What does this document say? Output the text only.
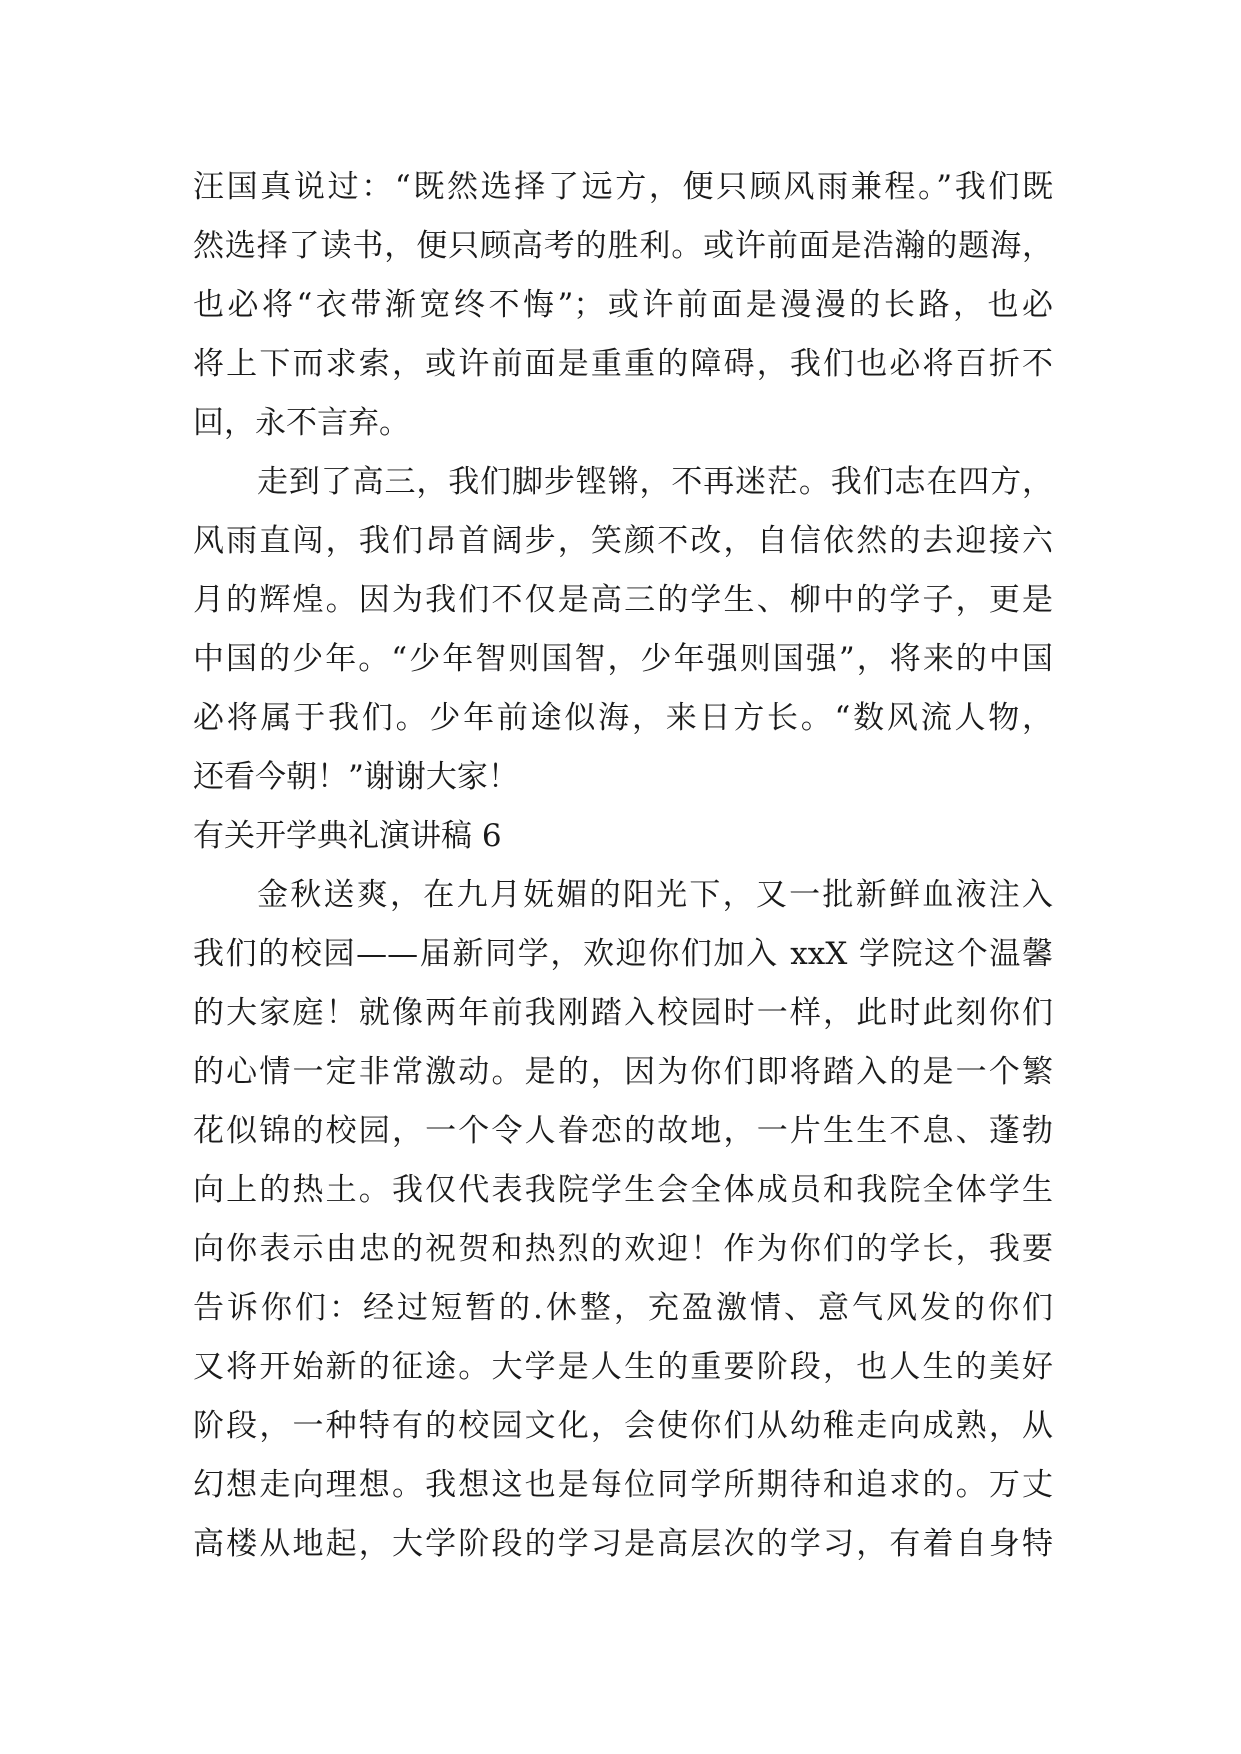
汪国真说过：“既然选择了远方，便只顾风雨兼程。”我们既
然选择了读书，便只顾高考的胜利。或许前面是浩瀚的题海，
也必将“衣带渐宽终不悔”；或许前面是漫漫的长路，也必
将上下而求索，或许前面是重重的障碍，我们也必将百折不
回，永不言弃。
走到了高三，我们脚步铿锵，不再迷茫。我们志在四方，
风雨直闯，我们昂首阔步，笑颜不改，自信依然的去迎接六
月的辉煌。因为我们不仅是高三的学生、柳中的学子，更是
中国的少年。“少年智则国智，少年强则国强”，将来的中国
必将属于我们。少年前途似海，来日方长。“数风流人物，
还看今朝！”谢谢大家！
有关开学典礼演讲稿 6
金秋送爽，在九月妩媚的阳光下，又一批新鲜血液注入
我们的校园——届新同学，欢迎你们加入 xxX 学院这个温馨
的大家庭！就像两年前我刚踏入校园时一样，此时此刻你们
的心情一定非常激动。是的，因为你们即将踏入的是一个繁
花似锦的校园，一个令人眷恋的故地，一片生生不息、蓬勃
向上的热土。我仅代表我院学生会全体成员和我院全体学生
向你表示由忠的祝贺和热烈的欢迎！作为你们的学长，我要
告诉你们：经过短暂的.休整，充盈激情、意气风发的你们
又将开始新的征途。大学是人生的重要阶段，也人生的美好
阶段，一种特有的校园文化，会使你们从幼稚走向成熟，从
幻想走向理想。我想这也是每位同学所期待和追求的。万丈
高楼从地起，大学阶段的学习是高层次的学习，有着自身特
